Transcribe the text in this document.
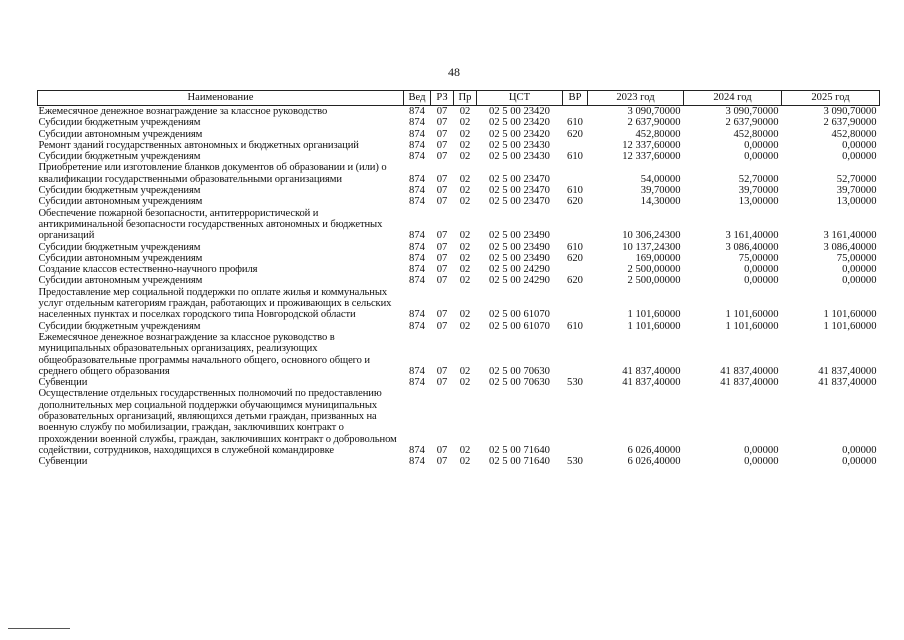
48
Наименование	Вед	РЗ	Пр	ЦСТ	ВР	2023 год	2024 год	2025 год
Ежемесячное денежное вознаграждение за классное руководство	874	07	02	02 5 00 23420		3 090,70000	3 090,70000	3 090,70000
Субсидии бюджетным учреждениям	874	07	02	02 5 00 23420	610	2 637,90000	2 637,90000	2 637,90000
Субсидии автономным учреждениям	874	07	02	02 5 00 23420	620	452,80000	452,80000	452,80000
Ремонт зданий государственных автономных и бюджетных организаций	874	07	02	02 5 00 23430		12 337,60000	0,00000	0,00000
Субсидии бюджетным учреждениям	874	07	02	02 5 00 23430	610	12 337,60000	0,00000	0,00000
Приобретение или изготовление бланков документов об образовании и (или) о квалификации государственными образовательными организациями	874	07	02	02 5 00 23470		54,00000	52,70000	52,70000
Субсидии бюджетным учреждениям	874	07	02	02 5 00 23470	610	39,70000	39,70000	39,70000
Субсидии автономным учреждениям	874	07	02	02 5 00 23470	620	14,30000	13,00000	13,00000
Обеспечение пожарной безопасности, антитеррористической и антикриминальной безопасности государственных автономных и бюджетных организаций	874	07	02	02 5 00 23490		10 306,24300	3 161,40000	3 161,40000
Субсидии бюджетным учреждениям	874	07	02	02 5 00 23490	610	10 137,24300	3 086,40000	3 086,40000
Субсидии автономным учреждениям	874	07	02	02 5 00 23490	620	169,00000	75,00000	75,00000
Создание классов естественно-научного профиля	874	07	02	02 5 00 24290		2 500,00000	0,00000	0,00000
Субсидии автономным учреждениям	874	07	02	02 5 00 24290	620	2 500,00000	0,00000	0,00000
Предоставление мер социальной поддержки по оплате жилья и коммунальных услуг отдельным категориям граждан, работающих и проживающих в сельских населенных пунктах и поселках городского типа Новгородской области	874	07	02	02 5 00 61070		1 101,60000	1 101,60000	1 101,60000
Субсидии бюджетным учреждениям	874	07	02	02 5 00 61070	610	1 101,60000	1 101,60000	1 101,60000
Ежемесячное денежное вознаграждение за классное руководство в муниципальных образовательных организациях, реализующих общеобразовательные программы начального общего, основного общего и среднего общего образования	874	07	02	02 5 00 70630		41 837,40000	41 837,40000	41 837,40000
Субвенции	874	07	02	02 5 00 70630	530	41 837,40000	41 837,40000	41 837,40000
Осуществление отдельных государственных полномочий по предоставлению дополнительных мер социальной поддержки обучающимся муниципальных образовательных организаций, являющихся детьми граждан, призванных на военную службу по мобилизации, граждан, заключивших контракт о прохождении военной службы, граждан, заключивших контракт о добровольном содействии, сотрудников, находящихся в служебной командировке	874	07	02	02 5 00 71640		6 026,40000	0,00000	0,00000
Субвенции	874	07	02	02 5 00 71640	530	6 026,40000	0,00000	0,00000
